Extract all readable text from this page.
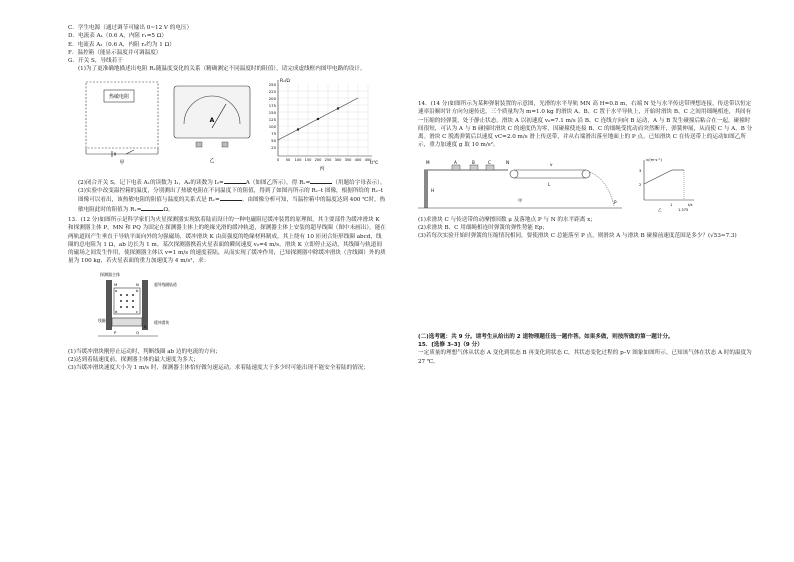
C．学生电源（通过调节可输出 0~12 V 的电压）
D．电流表 A₁（0.6 A，内阻 r₁=5 Ω）
E．电流表 A₂（0.6 A，内阻 r₂约为 1 Ω）
F．温控箱（能显示温度并可调温度）
G．开关 S，导线若干
(1)为了更准确地描述出电阻 Rₓ随温度变化的关系（精确测定不同温度时的阻值），请完成虚线框内图甲电路的设计。
热敏电阻
甲
A
乙
Rₓ/Ω
t/℃
250
225
200
175
150
125
100
75
50
25
0 50 100 150 200 250 300 350 400 450
丙
(2)闭合开关 S，记下电表 A₁的读数为 I₁，A₂的读数为 I₂=	A（如图乙所示），得 Rₓ=	（用题给字母表示）。
(3)实验中改变温控箱的温度，分别测出了热敏电阻在不同温度下的阻值，得到了如图丙所示的 Rₓ–t 图像，根据所给的 Rₓ–t 图像可以看出，该热敏电阻的阻值与温度的关系式是 Rₓ=	。由图像分析可知，当温控箱中的温度达到 400 ℃时，热敏电阻此时的阻值为 Rₓ=	Ω。
13．(12 分)如图所示是科学家们为火星探测器实现软着陆而设计的一种电磁阻尼缓冲装置的原理图，其主要部件为缓冲滑块 K 和探测器主体 P，MN 和 PQ 为固定在探测器主体上的绝缘光滑的缓冲轨道，探测器主体上安装的超导线圈（图中未画出），能在两轨道间产生垂直于导轨平面向外的匀强磁场，缓冲滑块 K 由高强度的绝缘材料制成，其上绕有 10 匝闭合矩形线圈 abcd，线圈的总电阻为 1 Ω，ab 边长为 1 m。某次探测器携着火星表面的瞬间速度 v₀=4 m/s，滑块 K 立即停止运动，其线圈与轨道间的磁场之间发生作用，使探测器主体以 v=1 m/s 的速度着陆，从而实现了缓冲作用，已知探测器中除缓冲滑块（含线圈）外的质量为 100 kg，若火星表面的重力加速度为 4 m/s²，求：
探测器主体
超导线圈轨道
缓冲滑块
线圈
M	N
P	Q
a	b
c
d
K
(1)当缓冲滑块刚停止运动时，判断线圈 ab 边的电流的方向；
(2)达到着陆速度前，探测器主体的最大速度为多大；
(3)当缓冲滑块速度大小为 1 m/s 时，探测器主体恰好做匀速运动，求着陆速度大于多少时可能出现不能安全着陆的情况；
14．(14 分)如图所示为某种弹射装置的示意图，光滑的水平导轨 MN 高 H=0.8 m，右端 N 处与水平传送带理想连接，传送带以恒定速率沿顺时针方向匀速传送，三个质量均为 m=1.0 kg 的滑块 A、B、C 置于水平导轨上，开始时滑块 B、C 之间用细绳相连，其间有一压缩的轻弹簧，处于静止状态。滑块 A 以初速度 v₀=7.1 m/s 沿 B、C 连线方向向 B 运动，A 与 B 发生碰撞后粘合在一起，碰撞时间很短，可认为 A 与 B 碰撞时滑块 C 的速度仍为零，因碰撞使连接 B、C 的细绳受扰动而突然断开，弹簧伸展，从而使 C 与 A、B 分离。滑块 C 脱离弹簧后以速度 vC=2.0 m/s 滑上传送带，并从右端滑出落至地面上的 P 点。已知滑块 C 在传送带上的运动如图乙所示，重力加速度 g 取 10 m/s²。
M	A	B	C	N	v
P
H
L
甲
v/(m·s⁻¹)
t/s
3
2
1
1.375
乙
(1)求滑块 C 与传送带的动摩擦因数 μ 及落地点 P 与 N 的水平距离 x；
(2)求滑块 B、C 用细绳相连时弹簧的弹性势能 Ep；
(3)若每次实验开始时弹簧的压缩情况相同，要使滑块 C 总能落至 P 点，则滑块 A 与滑块 B 碰撞前速度范围是多少？(√53≈7.3)
(二)选考题：共 9 分。请考生从给出的 2 道物理题任选一题作答。如果多做，则按所做的第一题计分。
15．[选修 3–3]（9 分）
一定质量的理想气体从状态 A 变化到状态 B 再变化到状态 C，其状态变化过程的 p–V 图象如图所示。已知该气体在状态 A 时的温度为 27 ℃。
